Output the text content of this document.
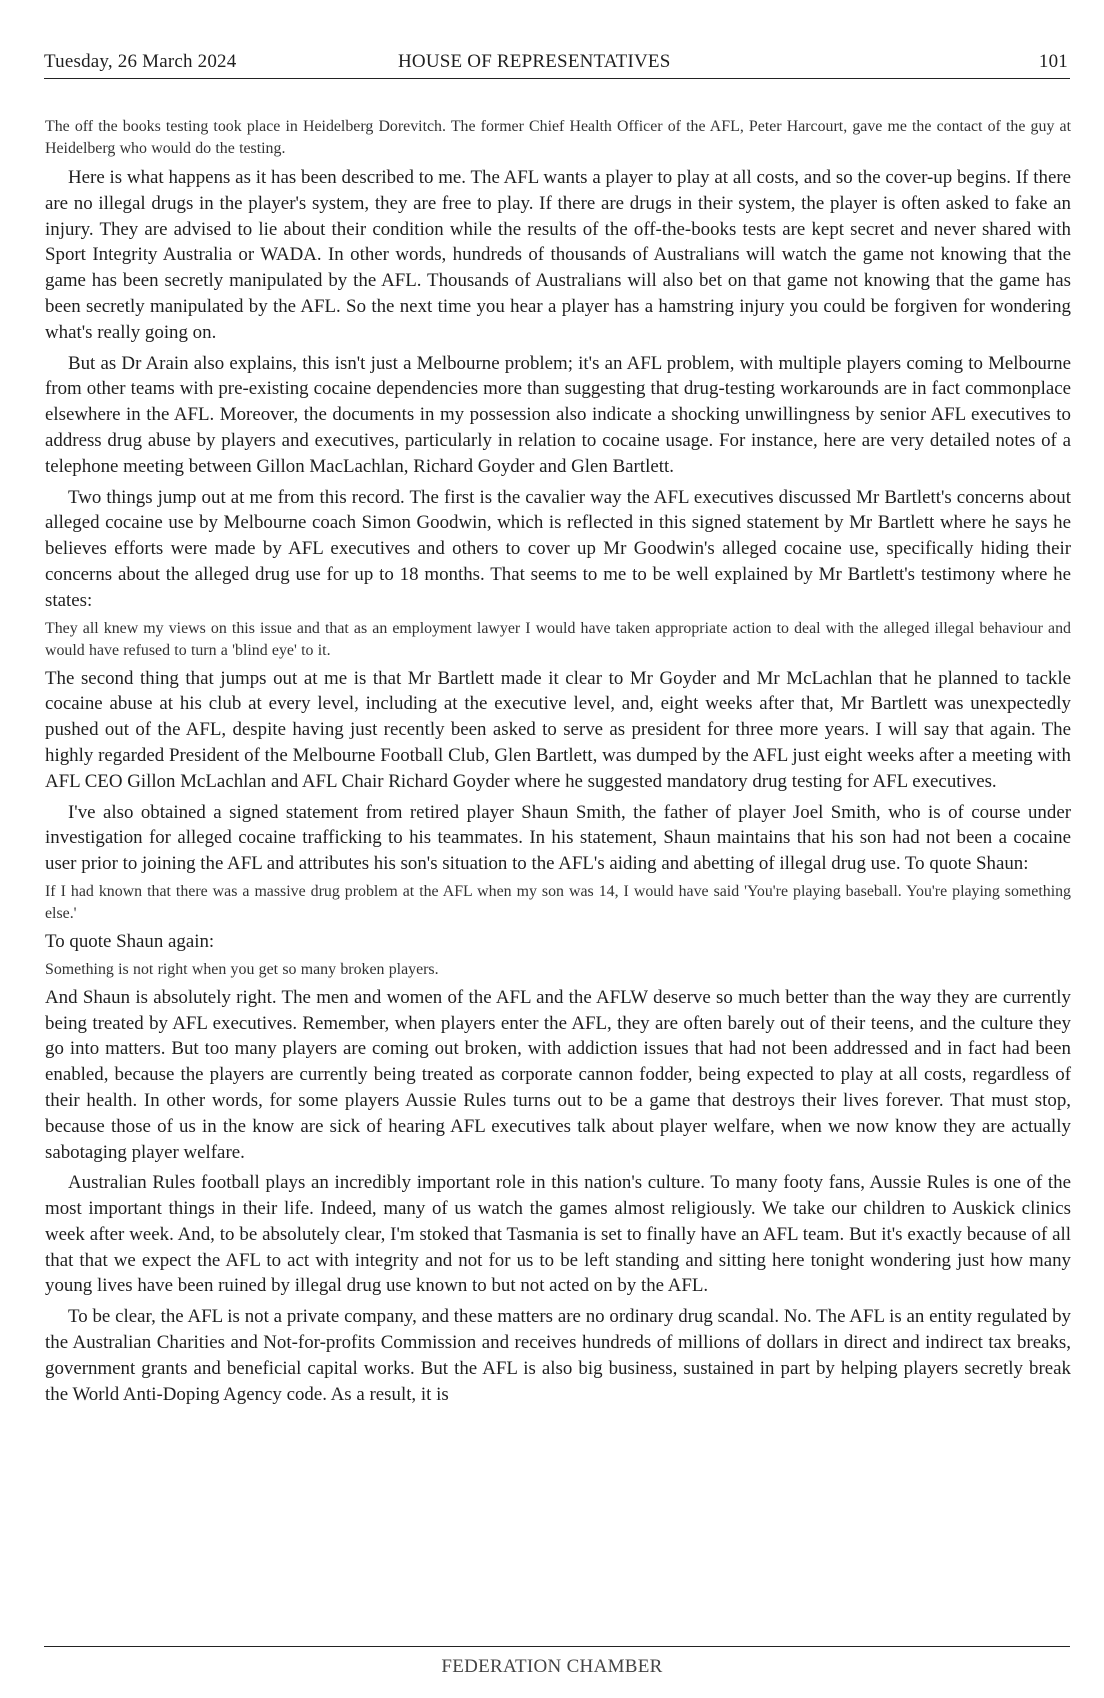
Tuesday, 26 March 2024	HOUSE OF REPRESENTATIVES	101

The off the books testing took place in Heidelberg Dorevitch. The former Chief Health Officer of the AFL, Peter Harcourt, gave me the contact of the guy at Heidelberg who would do the testing.

Here is what happens as it has been described to me. The AFL wants a player to play at all costs, and so the cover-up begins. If there are no illegal drugs in the player's system, they are free to play. If there are drugs in their system, the player is often asked to fake an injury. They are advised to lie about their condition while the results of the off-the-books tests are kept secret and never shared with Sport Integrity Australia or WADA. In other words, hundreds of thousands of Australians will watch the game not knowing that the game has been secretly manipulated by the AFL. Thousands of Australians will also bet on that game not knowing that the game has been secretly manipulated by the AFL. So the next time you hear a player has a hamstring injury you could be forgiven for wondering what's really going on.

But as Dr Arain also explains, this isn't just a Melbourne problem; it's an AFL problem, with multiple players coming to Melbourne from other teams with pre-existing cocaine dependencies more than suggesting that drug-testing workarounds are in fact commonplace elsewhere in the AFL. Moreover, the documents in my possession also indicate a shocking unwillingness by senior AFL executives to address drug abuse by players and executives, particularly in relation to cocaine usage. For instance, here are very detailed notes of a telephone meeting between Gillon MacLachlan, Richard Goyder and Glen Bartlett.

Two things jump out at me from this record. The first is the cavalier way the AFL executives discussed Mr Bartlett's concerns about alleged cocaine use by Melbourne coach Simon Goodwin, which is reflected in this signed statement by Mr Bartlett where he says he believes efforts were made by AFL executives and others to cover up Mr Goodwin's alleged cocaine use, specifically hiding their concerns about the alleged drug use for up to 18 months. That seems to me to be well explained by Mr Bartlett's testimony where he states:

They all knew my views on this issue and that as an employment lawyer I would have taken appropriate action to deal with the alleged illegal behaviour and would have refused to turn a 'blind eye' to it.

The second thing that jumps out at me is that Mr Bartlett made it clear to Mr Goyder and Mr McLachlan that he planned to tackle cocaine abuse at his club at every level, including at the executive level, and, eight weeks after that, Mr Bartlett was unexpectedly pushed out of the AFL, despite having just recently been asked to serve as president for three more years. I will say that again. The highly regarded President of the Melbourne Football Club, Glen Bartlett, was dumped by the AFL just eight weeks after a meeting with AFL CEO Gillon McLachlan and AFL Chair Richard Goyder where he suggested mandatory drug testing for AFL executives.

I've also obtained a signed statement from retired player Shaun Smith, the father of player Joel Smith, who is of course under investigation for alleged cocaine trafficking to his teammates. In his statement, Shaun maintains that his son had not been a cocaine user prior to joining the AFL and attributes his son's situation to the AFL's aiding and abetting of illegal drug use. To quote Shaun:

If I had known that there was a massive drug problem at the AFL when my son was 14, I would have said 'You're playing baseball. You're playing something else.'

To quote Shaun again:

Something is not right when you get so many broken players.

And Shaun is absolutely right. The men and women of the AFL and the AFLW deserve so much better than the way they are currently being treated by AFL executives. Remember, when players enter the AFL, they are often barely out of their teens, and the culture they go into matters. But too many players are coming out broken, with addiction issues that had not been addressed and in fact had been enabled, because the players are currently being treated as corporate cannon fodder, being expected to play at all costs, regardless of their health. In other words, for some players Aussie Rules turns out to be a game that destroys their lives forever. That must stop, because those of us in the know are sick of hearing AFL executives talk about player welfare, when we now know they are actually sabotaging player welfare.

Australian Rules football plays an incredibly important role in this nation's culture. To many footy fans, Aussie Rules is one of the most important things in their life. Indeed, many of us watch the games almost religiously. We take our children to Auskick clinics week after week. And, to be absolutely clear, I'm stoked that Tasmania is set to finally have an AFL team. But it's exactly because of all that that we expect the AFL to act with integrity and not for us to be left standing and sitting here tonight wondering just how many young lives have been ruined by illegal drug use known to but not acted on by the AFL.

To be clear, the AFL is not a private company, and these matters are no ordinary drug scandal. No. The AFL is an entity regulated by the Australian Charities and Not-for-profits Commission and receives hundreds of millions of dollars in direct and indirect tax breaks, government grants and beneficial capital works. But the AFL is also big business, sustained in part by helping players secretly break the World Anti-Doping Agency code. As a result, it is

FEDERATION CHAMBER
